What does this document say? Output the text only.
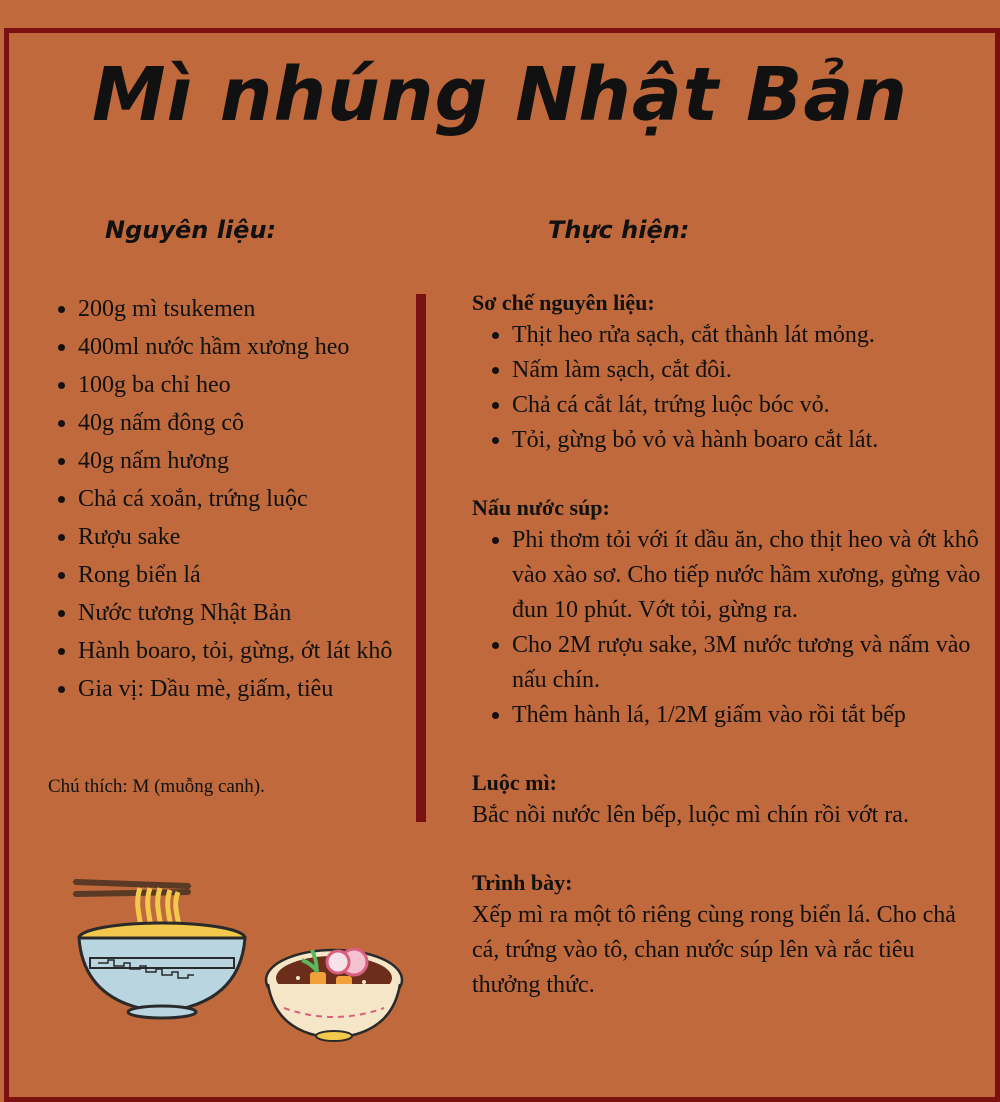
Mì nhúng Nhật Bản
Nguyên liệu:	Thực hiện:
• 200g mì tsukemen
• 400ml nước hầm xương heo
• 100g ba chỉ heo
• 40g nấm đông cô
• 40g nấm hương
• Chả cá xoắn, trứng luộc
• Rượu sake
• Rong biển lá
• Nước tương Nhật Bản
• Hành boaro, tỏi, gừng, ớt lát khô
• Gia vị: Dầu mè, giấm, tiêu
Chú thích: M (muỗng canh).
Sơ chế nguyên liệu:
• Thịt heo rửa sạch, cắt thành lát mỏng.
• Nấm làm sạch, cắt đôi.
• Chả cá cắt lát, trứng luộc bóc vỏ.
• Tỏi, gừng bỏ vỏ và hành boaro cắt lát.
Nấu nước súp:
• Phi thơm tỏi với ít dầu ăn, cho thịt heo và ớt khô vào xào sơ. Cho tiếp nước hầm xương, gừng vào đun 10 phút. Vớt tỏi, gừng ra.
• Cho 2M rượu sake, 3M nước tương và nấm vào nấu chín.
• Thêm hành lá, 1/2M giấm vào rồi tắt bếp
Luộc mì:

Bắc nồi nước lên bếp, luộc mì chín rồi vớt ra.

Trình bày:

Xếp mì ra một tô riêng cùng rong biển lá. Cho chả cá, trứng vào tô, chan nước súp lên và rắc tiêu thưởng thức.
